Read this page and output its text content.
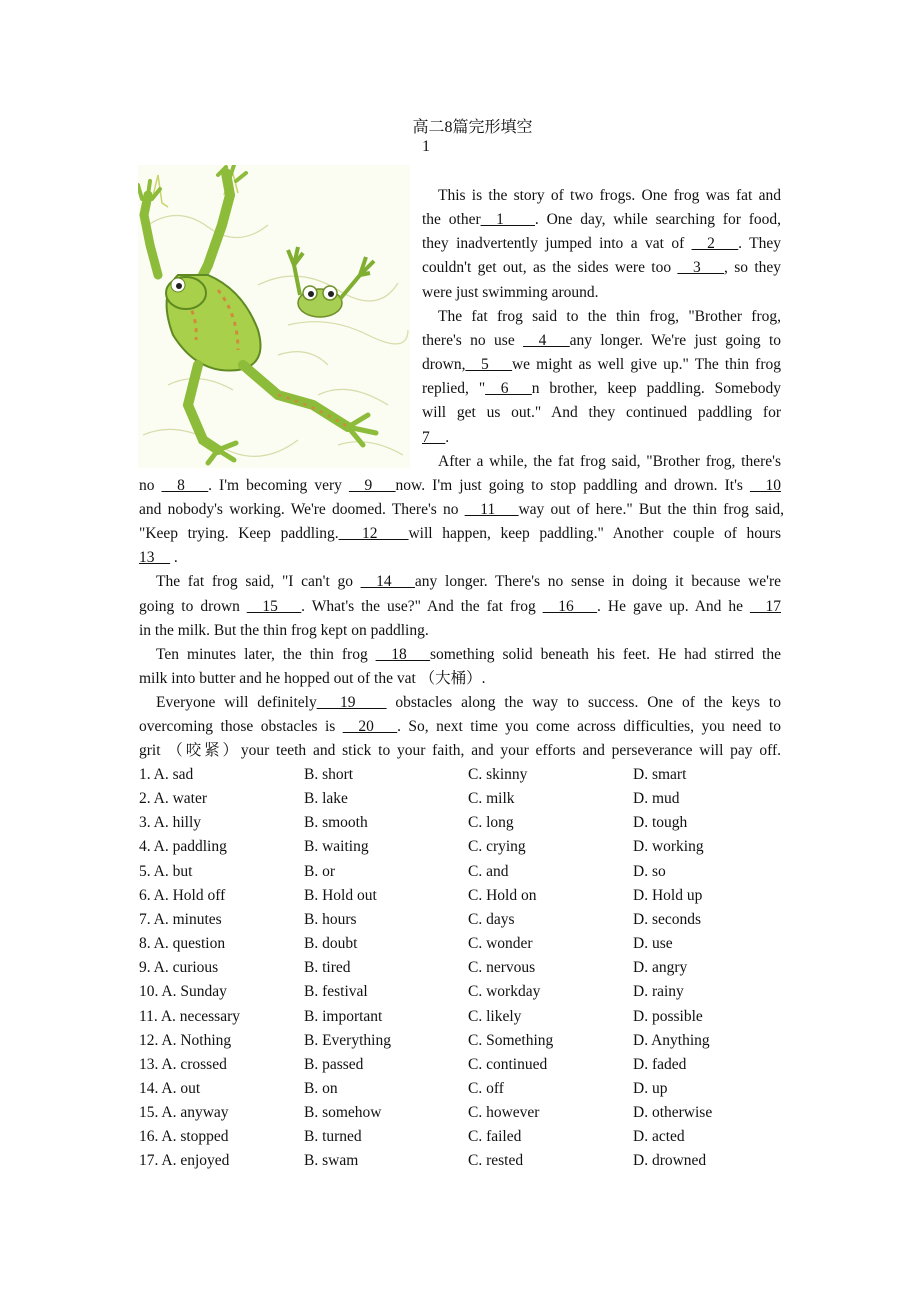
高二8篇完形填空
1
This is the story of two frogs. One frog was fat and
the other__1____. One day, while searching for food,
they inadvertently jumped into a vat of __2___. They
couldn't get out, as the sides were too __3___, so they
were just swimming around.
The fat frog said to the thin frog, "Brother frog,
there's no use __4___any longer. We're just going to
drown,__5___we might as well give up." The thin frog
replied, "__6___n brother, keep paddling. Somebody
will get us out." And they continued paddling for
7__.
After a while, the fat frog said, "Brother frog, there's
no __8___. I'm becoming very __9___now. I'm just going to stop paddling and drown. It's __10
and nobody's working. We're doomed. There's no __11___way out of here." But the thin frog said,
"Keep trying. Keep paddling.___12____will happen, keep paddling." Another couple of hours
13__ .
The fat frog said, "I can't go __14___any longer. There's no sense in doing it because we're
going to drown __15___. What's the use?" And the fat frog __16___. He gave up. And he __17
in the milk. But the thin frog kept on paddling.
Ten minutes later, the thin frog __18___something solid beneath his feet. He had stirred the
milk into butter and he hopped out of the vat （大桶）.
Everyone will definitely___19____ obstacles along the way to success. One of the keys to
overcoming those obstacles is __20___. So, next time you come across difficulties, you need to
grit （咬紧）your teeth and stick to your faith, and your efforts and perseverance will pay off.
1. A. sad	B. short	C. skinny	D. smart
2. A. water	B. lake	C. milk	D. mud
3. A. hilly	B. smooth	C. long	D. tough
4. A. paddling	B. waiting	C. crying	D. working
5. A. but	B. or	C. and	D. so
6. A. Hold off	B. Hold out	C. Hold on	D. Hold up
7. A. minutes	B. hours	C. days	D. seconds
8. A. question	B. doubt	C. wonder	D. use
9. A. curious	B. tired	C. nervous	D. angry
10. A. Sunday	B. festival	C. workday	D. rainy
11. A. necessary	B. important	C. likely	D. possible
12. A. Nothing	B. Everything	C. Something	D. Anything
13. A. crossed	B. passed	C. continued	D. faded
14. A. out	B. on	C. off	D. up
15. A. anyway	B. somehow	C. however	D. otherwise
16. A. stopped	B. turned	C. failed	D. acted
17. A. enjoyed	B. swam	C. rested	D. drowned
